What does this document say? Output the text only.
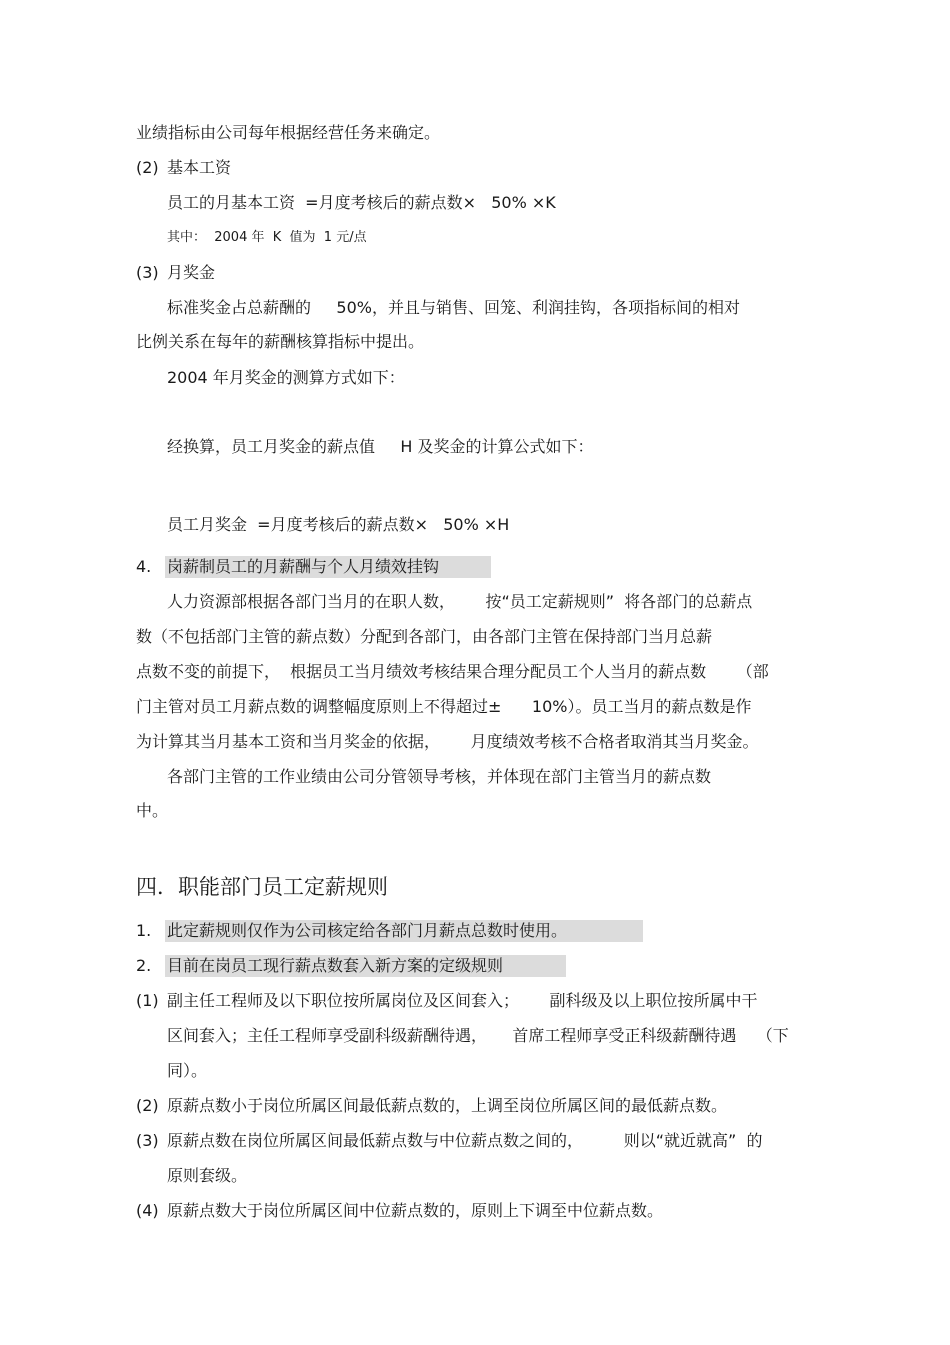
业绩指标由公司每年根据经营任务来确定。
(2) 基本工资
员工的月基本工资  =月度考核后的薪点数×   50% ×K
其中：  2004 年  K  值为  1 元/点
(3) 月奖金
标准奖金占总薪酬的     50%，并且与销售、回笼、利润挂钩，各项指标间的相对
比例关系在每年的薪酬核算指标中提出。
2004 年月奖金的测算方式如下：
经换算，员工月奖金的薪点值     H 及奖金的计算公式如下：
员工月奖金  =月度考核后的薪点数×   50% ×H
4. 岗薪制员工的月薪酬与个人月绩效挂钩
人力资源部根据各部门当月的在职人数，      按“员工定薪规则”  将各部门的总薪点
数（不包括部门主管的薪点数）分配到各部门，由各部门主管在保持部门当月总薪
点数不变的前提下，  根据员工当月绩效考核结果合理分配员工个人当月的薪点数      （部
门主管对员工月薪点数的调整幅度原则上不得超过±      10%）。员工当月的薪点数是作
为计算其当月基本工资和当月奖金的依据，      月度绩效考核不合格者取消其当月奖金。
各部门主管的工作业绩由公司分管领导考核，并体现在部门主管当月的薪点数
中。
四．职能部门员工定薪规则
1. 此定薪规则仅作为公司核定给各部门月薪点总数时使用。
2. 目前在岗员工现行薪点数套入新方案的定级规则
(1) 副主任工程师及以下职位按所属岗位及区间套入；      副科级及以上职位按所属中干
区间套入；主任工程师享受副科级薪酬待遇，     首席工程师享受正科级薪酬待遇    （下
同）。
(2) 原薪点数小于岗位所属区间最低薪点数的，上调至岗位所属区间的最低薪点数。
(3) 原薪点数在岗位所属区间最低薪点数与中位薪点数之间的，        则以“就近就高”  的
原则套级。
(4) 原薪点数大于岗位所属区间中位薪点数的，原则上下调至中位薪点数。
